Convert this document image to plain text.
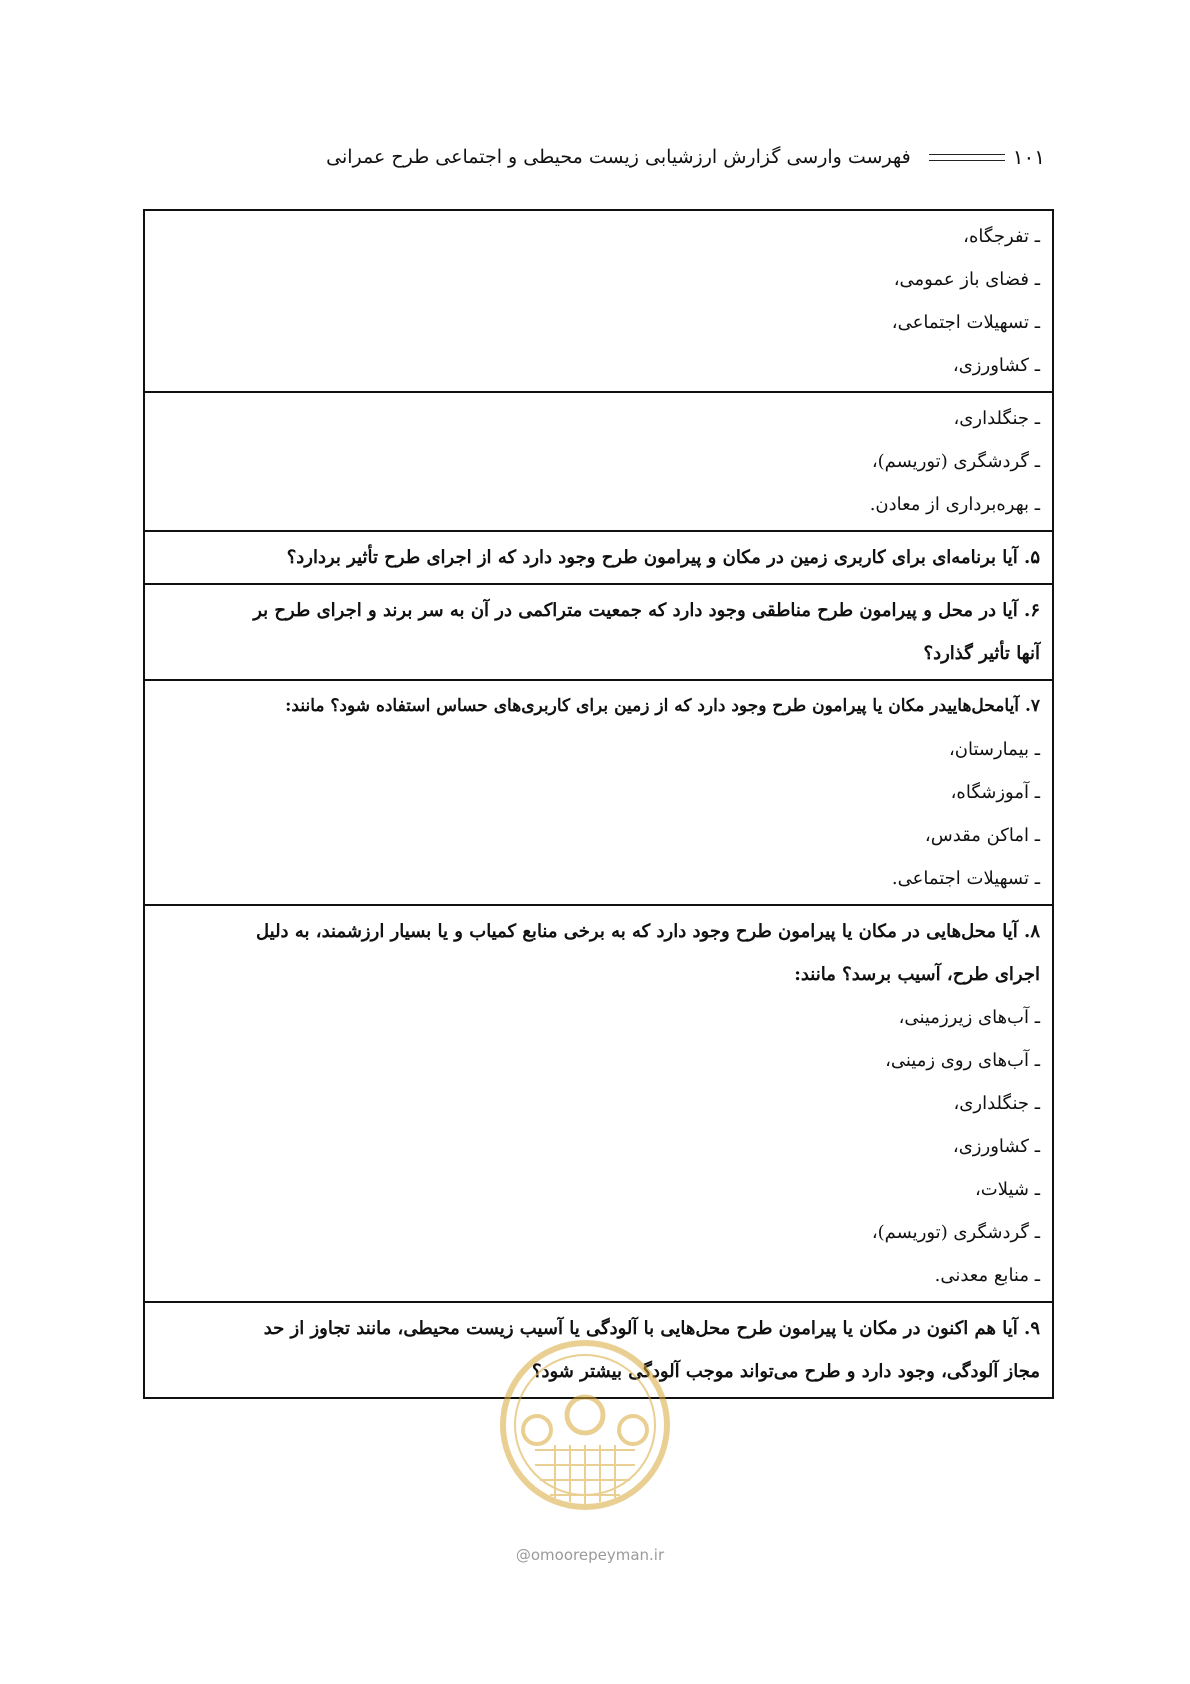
۱۰۱
فهرست وارسی گزارش ارزشیابی زیست محیطی و اجتماعی طرح عمرانی
ـ تفرجگاه،
ـ فضای باز عمومی،
ـ تسهیلات اجتماعی،
ـ کشاورزی،
ـ جنگلداری،
ـ گردشگری (توریسم)،
ـ بهره‌برداری از معادن.
۵. آیا برنامه‌ای برای کاربری زمین در مکان و پیرامون طرح وجود دارد که از اجرای طرح تأثیر بردارد؟
۶. آیا در محل و پیرامون طرح مناطقی وجود دارد که جمعیت متراکمی در آن به سر برند و اجرای طرح بر
آنها تأثیر گذارد؟
۷. آیامحل‌هاییدر مکان یا پیرامون طرح وجود دارد که از زمین برای کاربری‌های حساس استفاده شود؟ مانند:
ـ بیمارستان،
ـ آموزشگاه،
ـ اماکن مقدس،
ـ تسهیلات اجتماعی.
۸. آیا محل‌هایی در مکان یا پیرامون طرح وجود دارد که به برخی منابع کمیاب و یا بسیار ارزشمند، به دلیل
اجرای طرح، آسیب برسد؟ مانند:
ـ آب‌های زیرزمینی،
ـ آب‌های روی زمینی،
ـ جنگلداری،
ـ کشاورزی،
ـ شیلات،
ـ گردشگری (توریسم)،
ـ منابع معدنی.
۹. آیا هم اکنون در مکان یا پیرامون طرح محل‌هایی با آلودگی یا آسیب زیست محیطی، مانند تجاوز از حد
مجاز آلودگی، وجود دارد و طرح می‌تواند موجب آلودگی بیشتر شود؟
@omoorepeyman.ir
